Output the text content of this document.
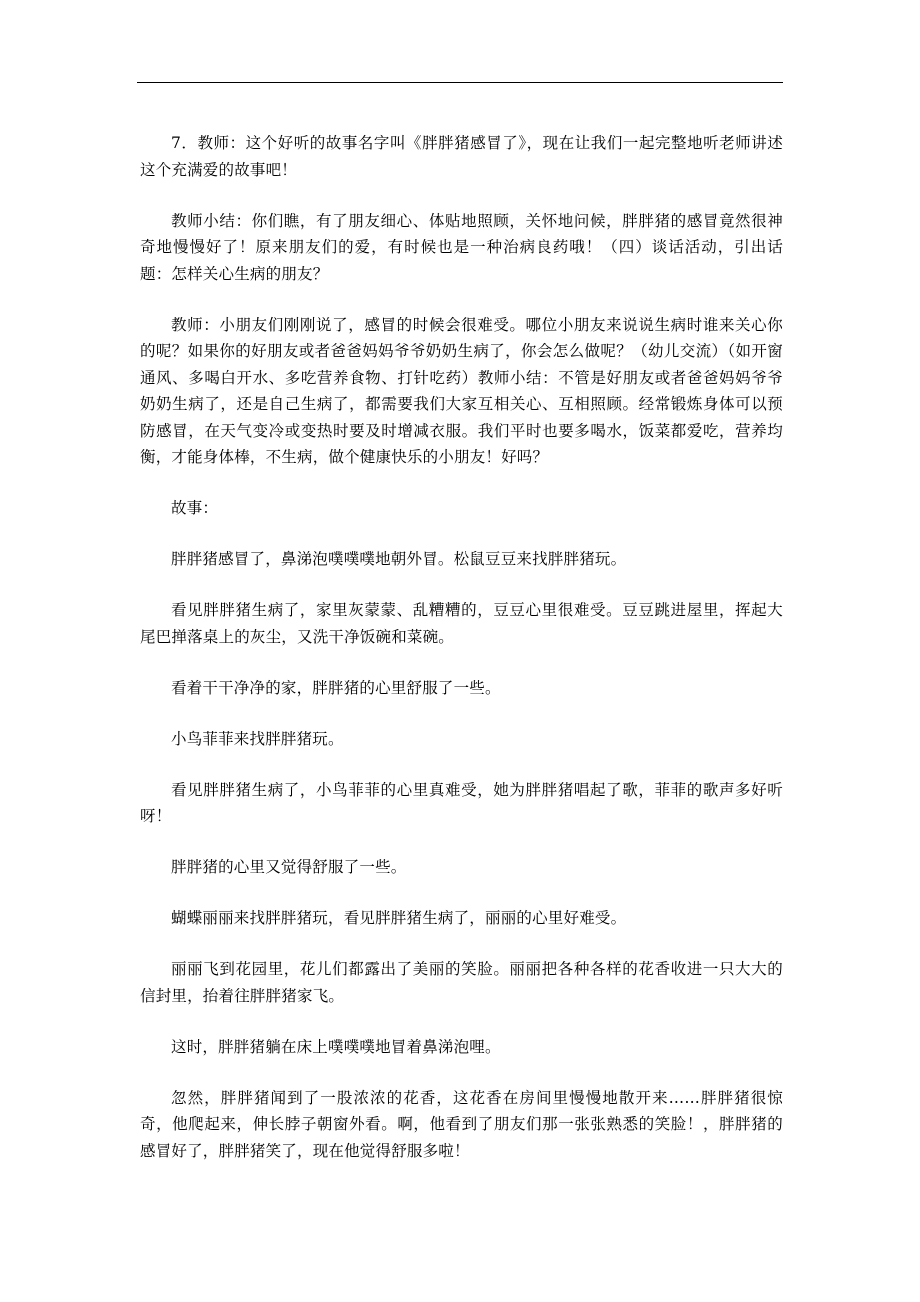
7．教师：这个好听的故事名字叫《胖胖猪感冒了》，现在让我们一起完整地听老师讲述这个充满爱的故事吧！

教师小结：你们瞧，有了朋友细心、体贴地照顾，关怀地问候，胖胖猪的感冒竟然很神奇地慢慢好了！原来朋友们的爱，有时候也是一种治病良药哦！（四）谈话活动，引出话题：怎样关心生病的朋友？

教师：小朋友们刚刚说了，感冒的时候会很难受。哪位小朋友来说说生病时谁来关心你的呢？如果你的好朋友或者爸爸妈妈爷爷奶奶生病了，你会怎么做呢？（幼儿交流）（如开窗通风、多喝白开水、多吃营养食物、打针吃药）教师小结：不管是好朋友或者爸爸妈妈爷爷奶奶生病了，还是自己生病了，都需要我们大家互相关心、互相照顾。经常锻炼身体可以预防感冒，在天气变冷或变热时要及时增减衣服。我们平时也要多喝水，饭菜都爱吃，营养均衡，才能身体棒，不生病，做个健康快乐的小朋友！好吗？

故事：

胖胖猪感冒了，鼻涕泡噗噗噗地朝外冒。松鼠豆豆来找胖胖猪玩。

看见胖胖猪生病了，家里灰蒙蒙、乱糟糟的，豆豆心里很难受。豆豆跳进屋里，挥起大尾巴掸落桌上的灰尘，又洗干净饭碗和菜碗。

看着干干净净的家，胖胖猪的心里舒服了一些。

小鸟菲菲来找胖胖猪玩。

看见胖胖猪生病了，小鸟菲菲的心里真难受，她为胖胖猪唱起了歌，菲菲的歌声多好听呀！

胖胖猪的心里又觉得舒服了一些。

蝴蝶丽丽来找胖胖猪玩，看见胖胖猪生病了，丽丽的心里好难受。

丽丽飞到花园里，花儿们都露出了美丽的笑脸。丽丽把各种各样的花香收进一只大大的信封里，抬着往胖胖猪家飞。

这时，胖胖猪躺在床上噗噗噗地冒着鼻涕泡哩。

忽然，胖胖猪闻到了一股浓浓的花香，这花香在房间里慢慢地散开来……胖胖猪很惊奇，他爬起来，伸长脖子朝窗外看。啊，他看到了朋友们那一张张熟悉的笑脸！，胖胖猪的感冒好了，胖胖猪笑了，现在他觉得舒服多啦！
